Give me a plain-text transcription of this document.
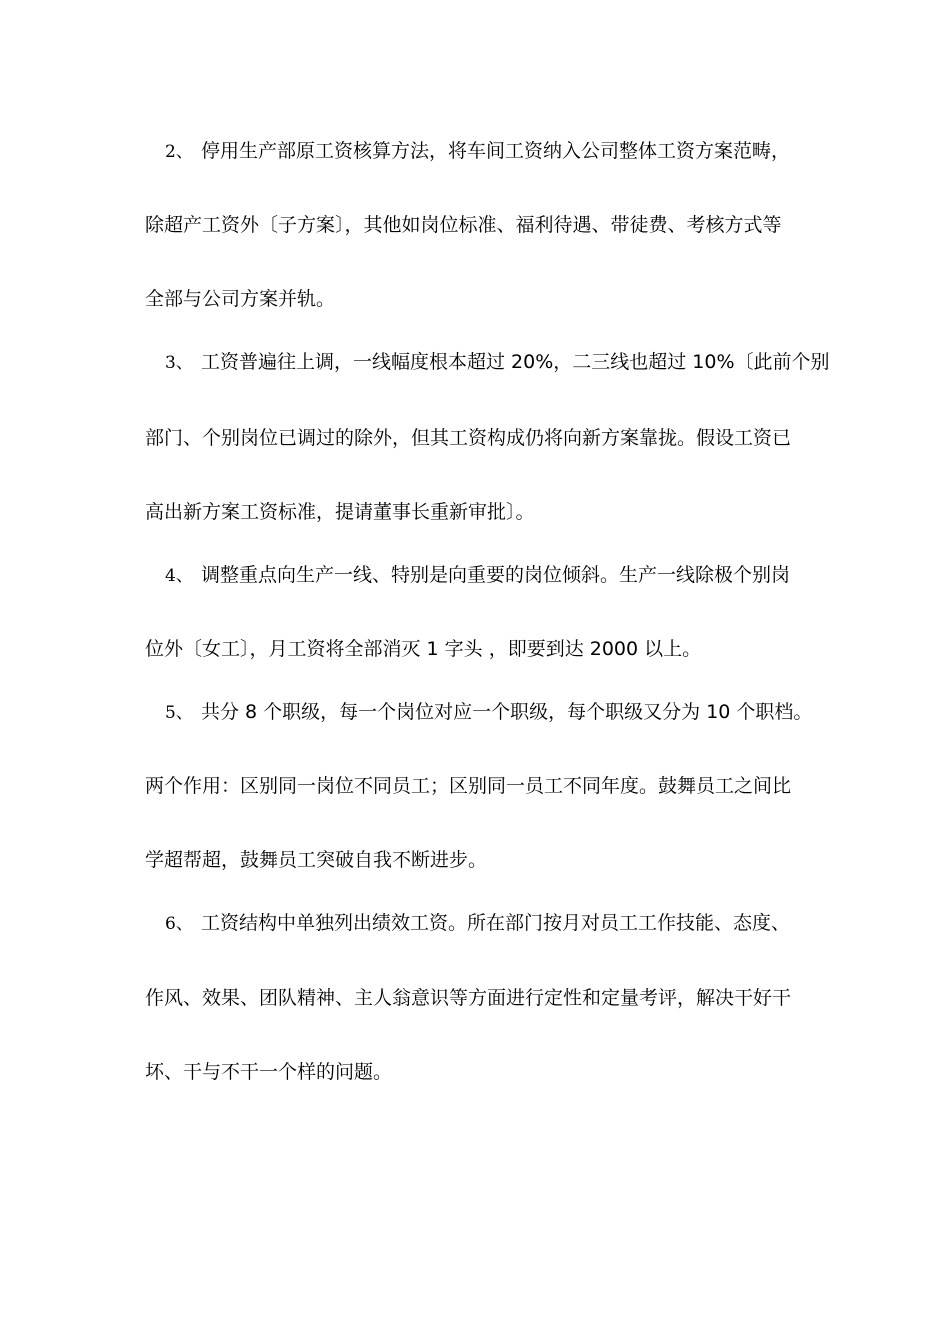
2、 停用生产部原工资核算方法，将车间工资纳入公司整体工资方案范畴，
除超产工资外〔子方案〕，其他如岗位标准、福利待遇、带徒费、考核方式等
全部与公司方案并轨。
3、 工资普遍往上调，一线幅度根本超过 20%，二三线也超过 10%〔此前个别
部门、个别岗位已调过的除外，但其工资构成仍将向新方案靠拢。假设工资已
高出新方案工资标准，提请董事长重新审批〕。
4、 调整重点向生产一线、特别是向重要的岗位倾斜。生产一线除极个别岗
位外〔女工〕，月工资将全部消灭 1 字头 ，即要到达 2000 以上。
5、 共分 8 个职级，每一个岗位对应一个职级，每个职级又分为 10 个职档。
两个作用：区别同一岗位不同员工；区别同一员工不同年度。鼓舞员工之间比
学超帮超，鼓舞员工突破自我不断进步。
6、 工资结构中单独列出绩效工资。所在部门按月对员工工作技能、态度、
作风、效果、团队精神、主人翁意识等方面进行定性和定量考评，解决干好干
坏、干与不干一个样的问题。
